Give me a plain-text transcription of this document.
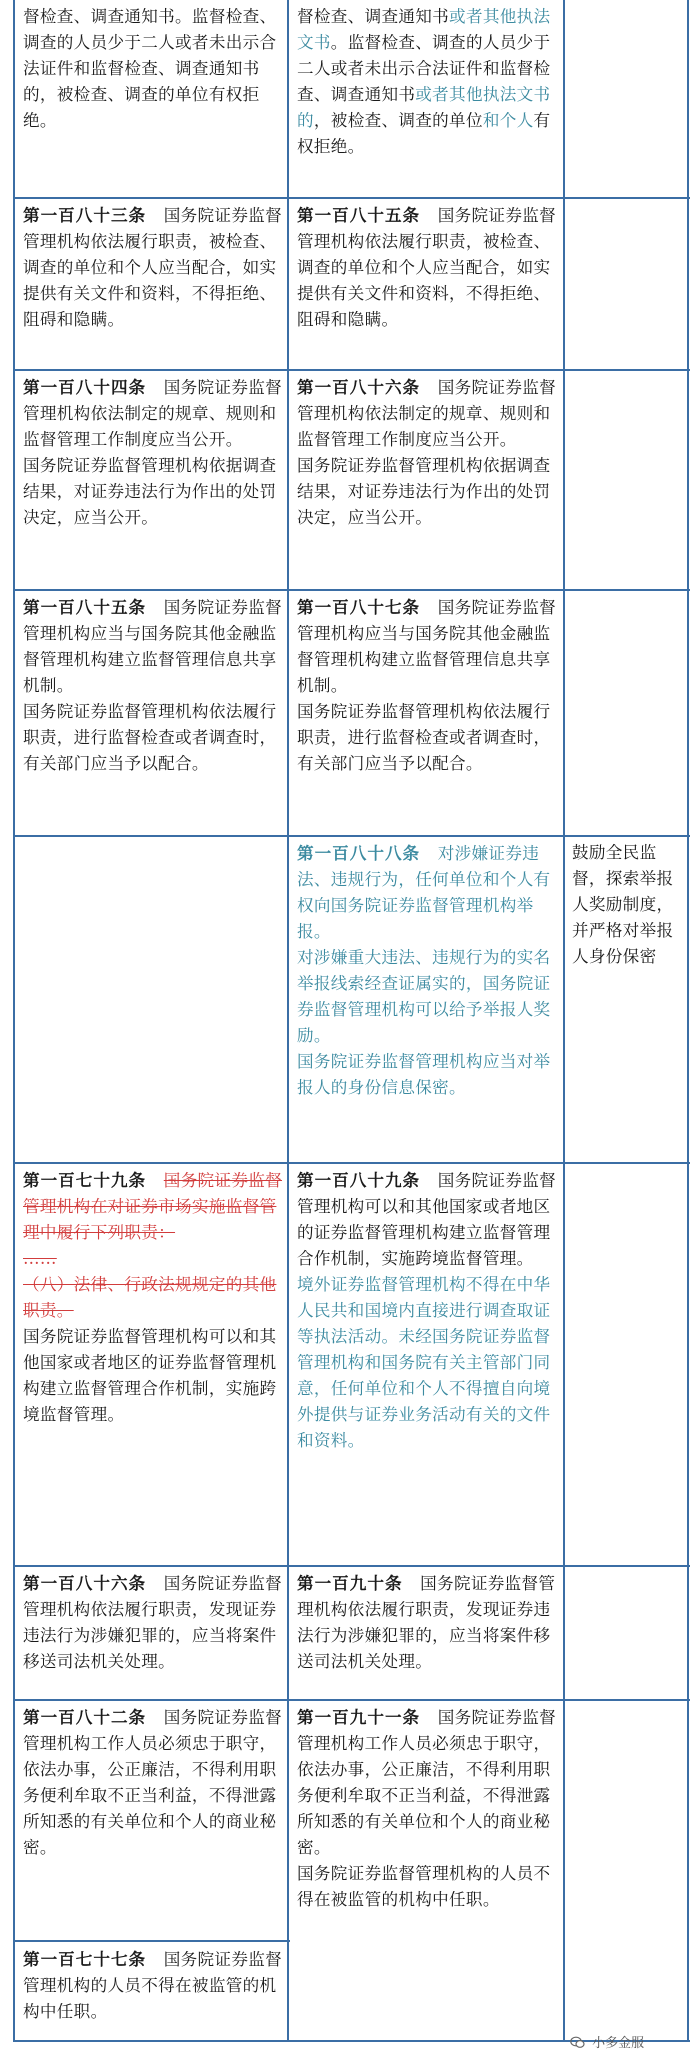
督检查、调查通知书。监督检查、调查的人员少于二人或者未出示合法证件和监督检查、调查通知书的，被检查、调查的单位有权拒绝。
督检查、调查通知书或者其他执法文书。监督检查、调查的人员少于二人或者未出示合法证件和监督检查、调查通知书或者其他执法文书的，被检查、调查的单位和个人有权拒绝。
第一百八十三条　国务院证券监督管理机构依法履行职责，被检查、调查的单位和个人应当配合，如实提供有关文件和资料，不得拒绝、阻碍和隐瞒。
第一百八十五条　国务院证券监督管理机构依法履行职责，被检查、调查的单位和个人应当配合，如实提供有关文件和资料，不得拒绝、阻碍和隐瞒。
第一百八十四条　国务院证券监督管理机构依法制定的规章、规则和监督管理工作制度应当公开。
国务院证券监督管理机构依据调查结果，对证券违法行为作出的处罚决定，应当公开。
第一百八十六条　国务院证券监督管理机构依法制定的规章、规则和监督管理工作制度应当公开。
国务院证券监督管理机构依据调查结果，对证券违法行为作出的处罚决定，应当公开。
第一百八十五条　国务院证券监督管理机构应当与国务院其他金融监督管理机构建立监督管理信息共享机制。
国务院证券监督管理机构依法履行职责，进行监督检查或者调查时，有关部门应当予以配合。
第一百八十七条　国务院证券监督管理机构应当与国务院其他金融监督管理机构建立监督管理信息共享机制。
国务院证券监督管理机构依法履行职责，进行监督检查或者调查时，有关部门应当予以配合。
第一百八十八条　对涉嫌证券违法、违规行为，任何单位和个人有权向国务院证券监督管理机构举报。
对涉嫌重大违法、违规行为的实名举报线索经查证属实的，国务院证券监督管理机构可以给予举报人奖励。
国务院证券监督管理机构应当对举报人的身份信息保密。
鼓励全民监督，探索举报人奖励制度，并严格对举报人身份保密
第一百七十九条　国务院证券监督管理机构在对证券市场实施监督管理中履行下列职责：
……
（八）法律、行政法规规定的其他职责。
国务院证券监督管理机构可以和其他国家或者地区的证券监督管理机构建立监督管理合作机制，实施跨境监督管理。
第一百八十九条　国务院证券监督管理机构可以和其他国家或者地区的证券监督管理机构建立监督管理合作机制，实施跨境监督管理。
境外证券监督管理机构不得在中华人民共和国境内直接进行调查取证等执法活动。未经国务院证券监督管理机构和国务院有关主管部门同意，任何单位和个人不得擅自向境外提供与证券业务活动有关的文件和资料。
第一百八十六条　国务院证券监督管理机构依法履行职责，发现证券违法行为涉嫌犯罪的，应当将案件移送司法机关处理。
第一百九十条　国务院证券监督管理机构依法履行职责，发现证券违法行为涉嫌犯罪的，应当将案件移送司法机关处理。
第一百八十二条　国务院证券监督管理机构工作人员必须忠于职守，依法办事，公正廉洁，不得利用职务便利牟取不正当利益，不得泄露所知悉的有关单位和个人的商业秘密。
第一百七十七条　国务院证券监督管理机构的人员不得在被监管的机构中任职。
第一百九十一条　国务院证券监督管理机构工作人员必须忠于职守，依法办事，公正廉洁，不得利用职务便利牟取不正当利益，不得泄露所知悉的有关单位和个人的商业秘密。
国务院证券监督管理机构的人员不得在被监管的机构中任职。
小多金服
